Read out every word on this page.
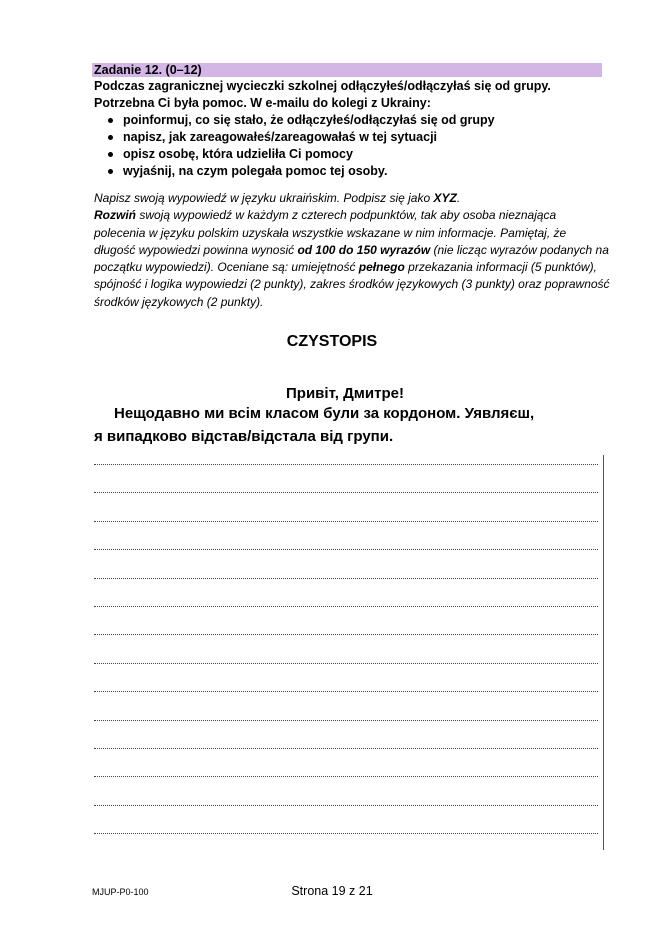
Zadanie 12. (0–12)
Podczas zagranicznej wycieczki szkolnej odłączyłeś/odłączyłaś się od grupy.
Potrzebna Ci była pomoc. W e-mailu do kolegi z Ukrainy:
poinformuj, co się stało, że odłączyłeś/odłączyłaś się od grupy
napisz, jak zareagowałeś/zareagowałaś w tej sytuacji
opisz osobę, która udzieliła Ci pomocy
wyjaśnij, na czym polegała pomoc tej osoby.
Napisz swoją wypowiedź w języku ukraińskim. Podpisz się jako XYZ.
Rozwiń swoją wypowiedź w każdym z czterech podpunktów, tak aby osoba nieznająca polecenia w języku polskim uzyskała wszystkie wskazane w nim informacje. Pamiętaj, że długość wypowiedzi powinna wynosić od 100 do 150 wyrazów (nie licząc wyrazów podanych na początku wypowiedzi). Oceniane są: umiejętność pełnego przekazania informacji (5 punktów), spójność i logika wypowiedzi (2 punkty), zakres środków językowych (3 punkty) oraz poprawność środków językowych (2 punkty).
CZYSTOPIS
Привіт, Дмитре!
Нещодавно ми всім класом були за кордоном. Уявляєш,
я випадково відстав/відстала від групи.
MJUP-P0-100	Strona 19 z 21
